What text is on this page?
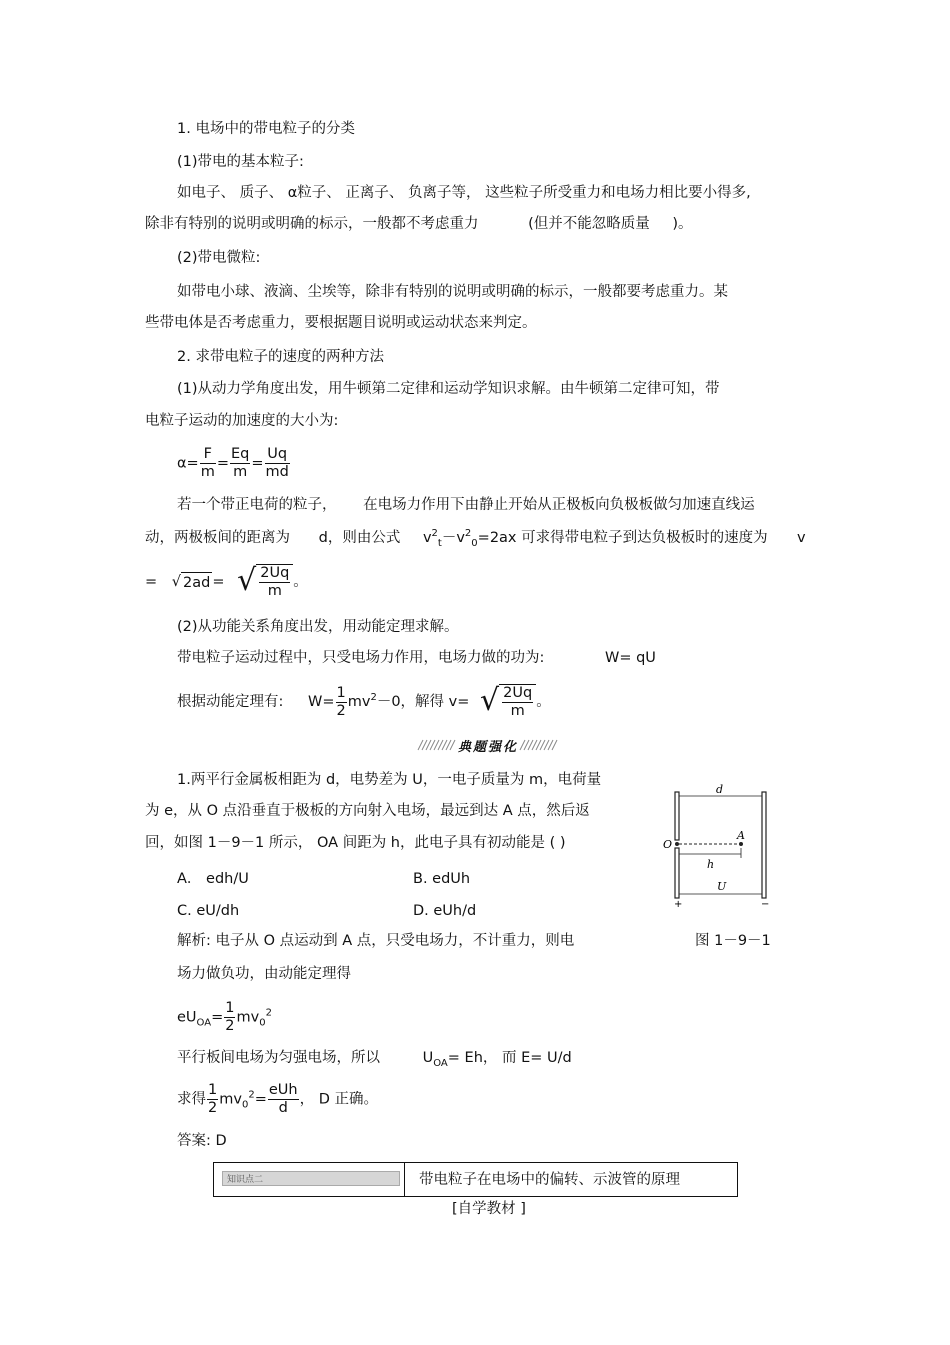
1. 电场中的带电粒子的分类
(1)带电的基本粒子:
如电子、 质子、 α粒子、 正离子、 负离子等， 这些粒子所受重力和电场力相比要小得多,
除非有特别的说明或明确的标示，一般都不考虑重力	(但并不能忽略质量 )。
(2)带电微粒:
如带电小球、液滴、尘埃等，除非有特别的说明或明确的标示，一般都要考虑重力。某
些带电体是否考虑重力，要根据题目说明或运动状态来判定。
2. 求带电粒子的速度的两种方法
(1)从动力学角度出发，用牛顿第二定律和运动学知识求解。由牛顿第二定律可知，带
电粒子运动的加速度的大小为:
$\alpha= \frac{F}{m} = \frac{Eq}{m} = \frac{Uq}{md}$
若一个带正电荷的粒子， 在电场力作用下由静止开始从正极板向负极板做匀加速直线运
动，两极板间的距离为 d，则由公式 $v^2_t-v^2_0=2ax$ 可求得带电粒子到达负极板时的速度为 v
= √ 2ad = √ $\frac{2Uq}{m}$ 。
(2)从功能关系角度出发，用动能定理求解。
带电粒子运动过程中，只受电场力作用，电场力做的功为:	W= qU
根据动能定理有: $W= \frac{1}{2} mv^2-0$，解得 v= √ $\frac{2Uq}{m}$ 。
典题强化
1.两平行金属板相距为 d，电势差为 U，一电子质量为 m，电荷量
为 e，从 O 点沿垂直于极板的方向射入电场，最远到达 A 点，然后返
回，如图 1－9－1 所示， OA 间距为 h，此电子具有初动能是 ( )
A． edh/U	B. edUh
C. eU/dh	D. eUh/d
d
O
A
h
U
+	−
解析: 电子从 O 点运动到 A 点，只受电场力，不计重力，则电	图 1－9－1
场力做负功，由动能定理得
$eU_{OA}= \frac{1}{2} mv_0^2$
平行板间电场为匀强电场，所以	$U_{OA}= Eh$， 而 E= U/d
求得 $\frac{1}{2} mv_0^2= \frac{\text{eUh}}{d}$ ， D 正确。
答案: D
知识点二	带电粒子在电场中的偏转、示波管的原理
[自学教材 ]
